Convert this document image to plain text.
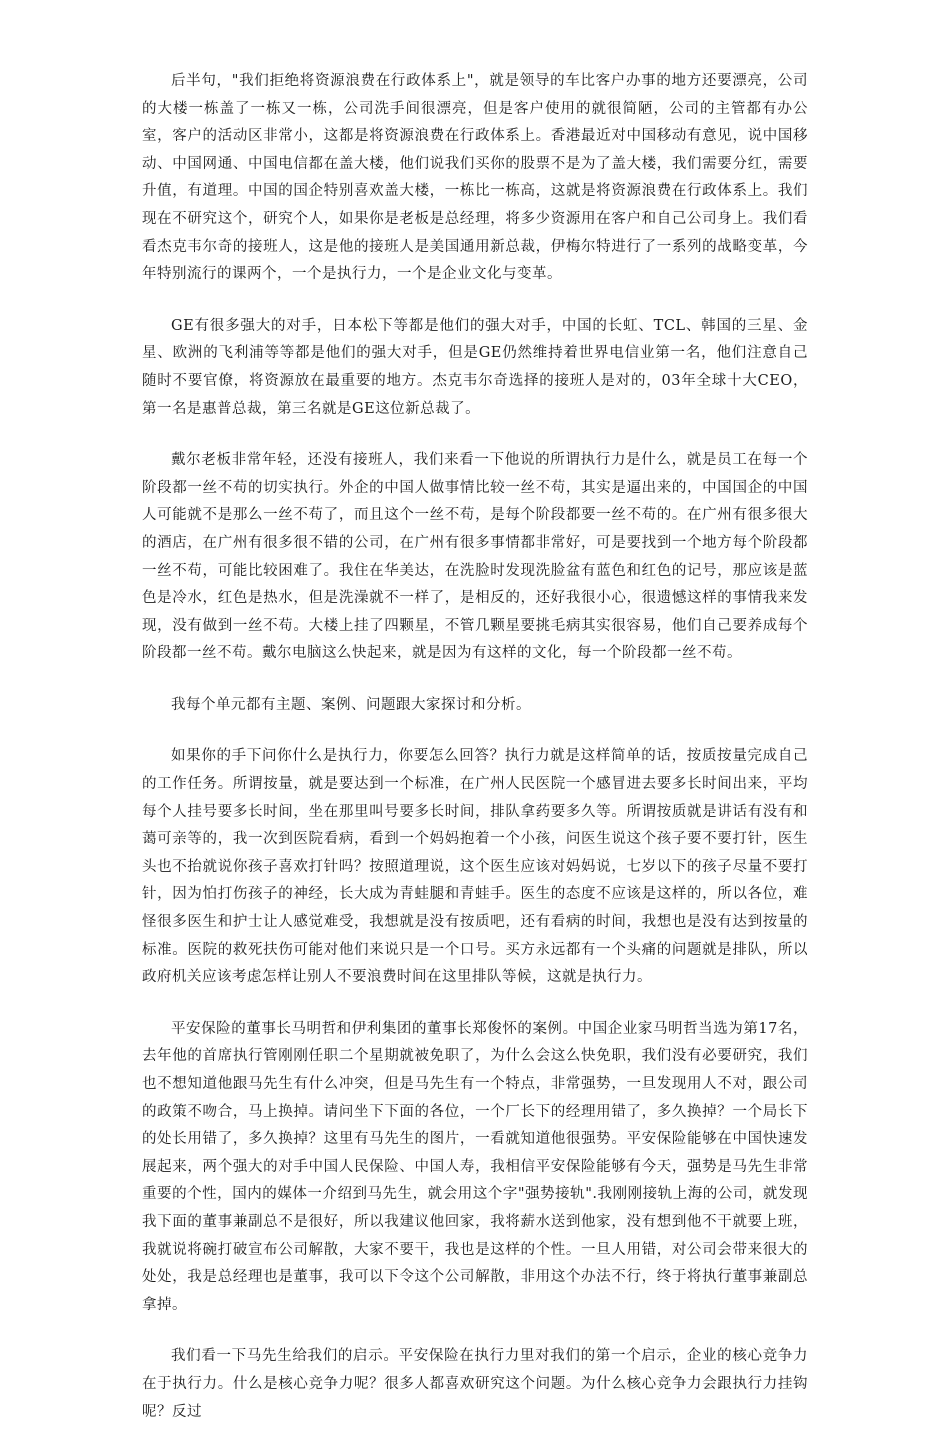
后半句，"我们拒绝将资源浪费在行政体系上"，就是领导的车比客户办事的地方还要漂亮，公司的大楼一栋盖了一栋又一栋，公司洗手间很漂亮，但是客户使用的就很简陋，公司的主管都有办公室，客户的活动区非常小，这都是将资源浪费在行政体系上。香港最近对中国移动有意见，说中国移动、中国网通、中国电信都在盖大楼，他们说我们买你的股票不是为了盖大楼，我们需要分红，需要升值，有道理。中国的国企特别喜欢盖大楼，一栋比一栋高，这就是将资源浪费在行政体系上。我们现在不研究这个，研究个人，如果你是老板是总经理，将多少资源用在客户和自己公司身上。我们看看杰克韦尔奇的接班人，这是他的接班人是美国通用新总裁，伊梅尔特进行了一系列的战略变革，今年特别流行的课两个，一个是执行力，一个是企业文化与变革。

GE有很多强大的对手，日本松下等都是他们的强大对手，中国的长虹、TCL、韩国的三星、金星、欧洲的飞利浦等等都是他们的强大对手，但是GE仍然维持着世界电信业第一名，他们注意自己随时不要官僚，将资源放在最重要的地方。杰克韦尔奇选择的接班人是对的，03年全球十大CEO，第一名是惠普总裁，第三名就是GE这位新总裁了。

戴尔老板非常年轻，还没有接班人，我们来看一下他说的所谓执行力是什么，就是员工在每一个阶段都一丝不苟的切实执行。外企的中国人做事情比较一丝不苟，其实是逼出来的，中国国企的中国人可能就不是那么一丝不苟了，而且这个一丝不苟，是每个阶段都要一丝不苟的。在广州有很多很大的酒店，在广州有很多很不错的公司，在广州有很多事情都非常好，可是要找到一个地方每个阶段都一丝不苟，可能比较困难了。我住在华美达，在洗脸时发现洗脸盆有蓝色和红色的记号，那应该是蓝色是冷水，红色是热水，但是洗澡就不一样了，是相反的，还好我很小心，很遗憾这样的事情我来发现，没有做到一丝不苟。大楼上挂了四颗星，不管几颗星要挑毛病其实很容易，他们自己要养成每个阶段都一丝不苟。戴尔电脑这么快起来，就是因为有这样的文化，每一个阶段都一丝不苟。

我每个单元都有主题、案例、问题跟大家探讨和分析。

如果你的手下问你什么是执行力，你要怎么回答？执行力就是这样简单的话，按质按量完成自己的工作任务。所谓按量，就是要达到一个标准，在广州人民医院一个感冒进去要多长时间出来，平均每个人挂号要多长时间，坐在那里叫号要多长时间，排队拿药要多久等。所谓按质就是讲话有没有和蔼可亲等的，我一次到医院看病，看到一个妈妈抱着一个小孩，问医生说这个孩子要不要打针，医生头也不抬就说你孩子喜欢打针吗？按照道理说，这个医生应该对妈妈说，七岁以下的孩子尽量不要打针，因为怕打伤孩子的神经，长大成为青蛙腿和青蛙手。医生的态度不应该是这样的，所以各位，难怪很多医生和护士让人感觉难受，我想就是没有按质吧，还有看病的时间，我想也是没有达到按量的标准。医院的救死扶伤可能对他们来说只是一个口号。买方永远都有一个头痛的问题就是排队，所以政府机关应该考虑怎样让别人不要浪费时间在这里排队等候，这就是执行力。

平安保险的董事长马明哲和伊利集团的董事长郑俊怀的案例。中国企业家马明哲当选为第17名，去年他的首席执行管刚刚任职二个星期就被免职了，为什么会这么快免职，我们没有必要研究，我们也不想知道他跟马先生有什么冲突，但是马先生有一个特点，非常强势，一旦发现用人不对，跟公司的政策不吻合，马上换掉。请问坐下下面的各位，一个厂长下的经理用错了，多久换掉？一个局长下的处长用错了，多久换掉？这里有马先生的图片，一看就知道他很强势。平安保险能够在中国快速发展起来，两个强大的对手中国人民保险、中国人寿，我相信平安保险能够有今天，强势是马先生非常重要的个性，国内的媒体一介绍到马先生，就会用这个字"强势接轨".我刚刚接轨上海的公司，就发现我下面的董事兼副总不是很好，所以我建议他回家，我将薪水送到他家，没有想到他不干就要上班，我就说将碗打破宣布公司解散，大家不要干，我也是这样的个性。一旦人用错，对公司会带来很大的处处，我是总经理也是董事，我可以下令这个公司解散，非用这个办法不行，终于将执行董事兼副总拿掉。

我们看一下马先生给我们的启示。平安保险在执行力里对我们的第一个启示，企业的核心竞争力在于执行力。什么是核心竞争力呢？很多人都喜欢研究这个问题。为什么核心竞争力会跟执行力挂钩呢？反过
